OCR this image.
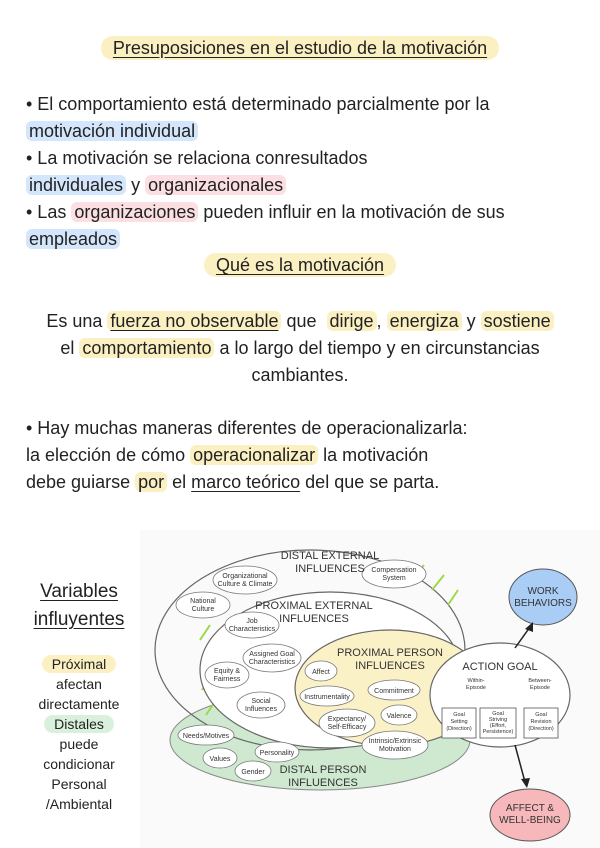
Presuposiciones en el estudio de la motivación
• El comportamiento está determinado parcialmente por la
motivación individual
• La motivación se relaciona conresultados
individuales y organizacionales
• Las organizaciones pueden influir en la motivación de sus
empleados
Qué es la motivación
Es una fuerza no observable que  dirige , energiza y sostiene
el comportamiento a lo largo del tiempo y en circunstancias
cambiantes.
• Hay muchas maneras diferentes de operacionalizarla:
la elección de cómo operacionalizar la motivación
debe guiarse por el marco teórico del que se parta.
Variables
influyentes
Próximal
afectan
directamente
Distales
puede
condicionar
Personal
/Ambiental
DISTAL EXTERNAL
INFLUENCES
PROXIMAL EXTERNAL
INFLUENCES
PROXIMAL PERSON
INFLUENCES	ACTION GOAL
DISTAL PERSON
INFLUENCES
WORK
BEHAVIORS
AFFECT &
WELL-BEING
Organizational
Culture & Climate
Compensation
System
National
Culture
Job
Characteristics
Assigned Goal
Characteristics
Equity &
Fairness
Social
Influences
Affect
Commitment
Instrumentality
Expectancy/
Self-Efficacy
Valence
Intrinsic/Extrinsic
Motivation
Needs/Motives
Values
Personality
Gender
Within-
Episode
Between-
Episode
Goal
Setting
(Direction)
Goal
Striving
(Effort,
Persistence)
Goal
Revision
(Direction)
